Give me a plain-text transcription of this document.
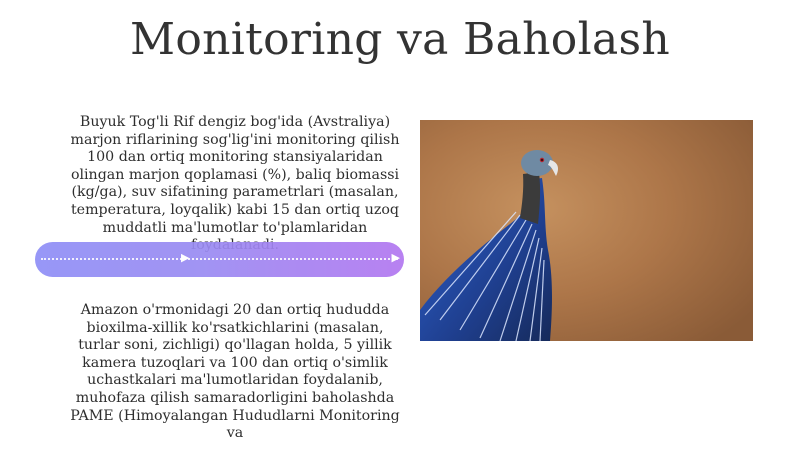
Monitoring va Baholash
Buyuk Tog'li Rif dengiz bog'ida (Avstraliya) marjon riflarining sog'lig'ini monitoring qilish 100 dan ortiq monitoring stansiyalaridan olingan marjon qoplamasi (%), baliq biomassi (kg/ga), suv sifatining parametrlari (masalan, temperatura, loyqalik) kabi 15 dan ortiq uzoq muddatli ma'lumotlar to'plamlaridan
▶	▶
Amazon o'rmonidagi 20 dan ortiq hududda bioxilma-xillik ko'rsatkichlarini (masalan, turlar soni, zichligi) qo'llagan holda, 5 yillik kamera tuzoqlari va 100 dan ortiq o'simlik uchastkalari ma'lumotlaridan foydalanib, muhofaza qilish samaradorligini baholashda PAME (Himoyalangan Hududlarni Monitoring va
